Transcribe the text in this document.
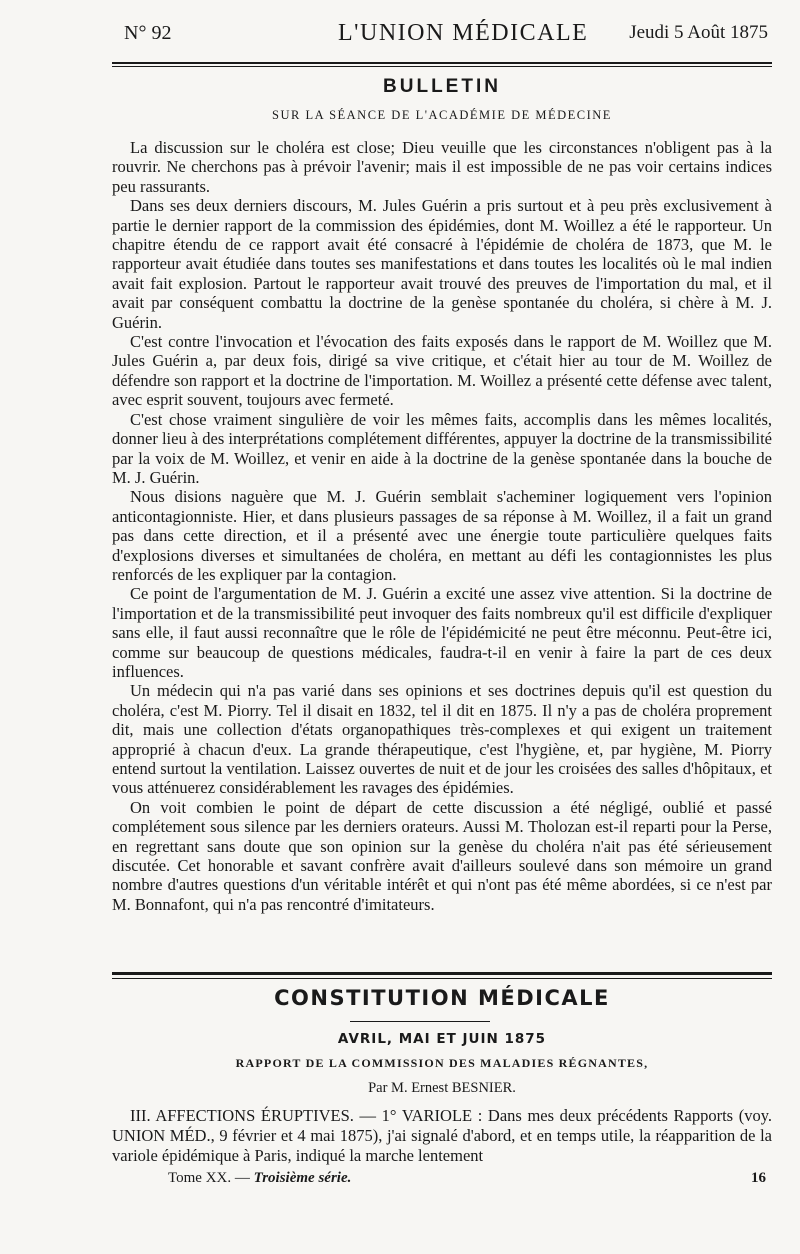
N° 92	L'UNION MÉDICALE Jeudi 5 Août 1875
BULLETIN
SUR LA SÉANCE DE L'ACADÉMIE DE MÉDECINE

La discussion sur le choléra est close; Dieu veuille que les circonstances n'obligent pas à la rouvrir. Ne cherchons pas à prévoir l'avenir; mais il est impossible de ne pas voir certains indices peu rassurants.

Dans ses deux derniers discours, M. Jules Guérin a pris surtout et à peu près exclusivement à partie le dernier rapport de la commission des épidémies, dont M. Woillez a été le rapporteur. Un chapitre étendu de ce rapport avait été consacré à l'épidémie de choléra de 1873, que M. le rapporteur avait étudiée dans toutes ses manifestations et dans toutes les localités où le mal indien avait fait explosion. Partout le rapporteur avait trouvé des preuves de l'importation du mal, et il avait par conséquent combattu la doctrine de la genèse spontanée du choléra, si chère à M. J. Guérin.

C'est contre l'invocation et l'évocation des faits exposés dans le rapport de M. Woillez que M. Jules Guérin a, par deux fois, dirigé sa vive critique, et c'était hier au tour de M. Woillez de défendre son rapport et la doctrine de l'importation. M. Woillez a présenté cette défense avec talent, avec esprit souvent, toujours avec fermeté.

C'est chose vraiment singulière de voir les mêmes faits, accomplis dans les mêmes localités, donner lieu à des interprétations complétement différentes, appuyer la doctrine de la transmissibilité par la voix de M. Woillez, et venir en aide à la doctrine de la genèse spontanée dans la bouche de M. J. Guérin.

Nous disions naguère que M. J. Guérin semblait s'acheminer logiquement vers l'opinion anticontagionniste. Hier, et dans plusieurs passages de sa réponse à M. Woillez, il a fait un grand pas dans cette direction, et il a présenté avec une énergie toute particulière quelques faits d'explosions diverses et simultanées de choléra, en mettant au défi les contagionnistes les plus renforcés de les expliquer par la contagion.

Ce point de l'argumentation de M. J. Guérin a excité une assez vive attention. Si la doctrine de l'importation et de la transmissibilité peut invoquer des faits nombreux qu'il est difficile d'expliquer sans elle, il faut aussi reconnaître que le rôle de l'épidémicité ne peut être méconnu. Peut-être ici, comme sur beaucoup de questions médicales, faudra-t-il en venir à faire la part de ces deux influences.

Un médecin qui n'a pas varié dans ses opinions et ses doctrines depuis qu'il est question du choléra, c'est M. Piorry. Tel il disait en 1832, tel il dit en 1875. Il n'y a pas de choléra proprement dit, mais une collection d'états organopathiques très-complexes et qui exigent un traitement approprié à chacun d'eux. La grande thérapeutique, c'est l'hygiène, et, par hygiène, M. Piorry entend surtout la ventilation. Laissez ouvertes de nuit et de jour les croisées des salles d'hôpitaux, et vous atténuerez considérablement les ravages des épidémies.

On voit combien le point de départ de cette discussion a été négligé, oublié et passé complétement sous silence par les derniers orateurs. Aussi M. Tholozan est-il reparti pour la Perse, en regrettant sans doute que son opinion sur la genèse du choléra n'ait pas été sérieusement discutée. Cet honorable et savant confrère avait d'ailleurs soulevé dans son mémoire un grand nombre d'autres questions d'un véritable intérêt et qui n'ont pas été même abordées, si ce n'est par M. Bonnafont, qui n'a pas rencontré d'imitateurs.

CONSTITUTION MÉDICALE
AVRIL, MAI ET JUIN 1875
RAPPORT DE LA COMMISSION DES MALADIES RÉGNANTES,
Par M. Ernest BESNIER.

III. AFFECTIONS ÉRUPTIVES. — 1° VARIOLE : Dans mes deux précédents Rapports (voy. UNION MÉD., 9 février et 4 mai 1875), j'ai signalé d'abord, et en temps utile, la réapparition de la variole épidémique à Paris, indiqué la marche lentement

Tome XX. — Troisième série.	16
